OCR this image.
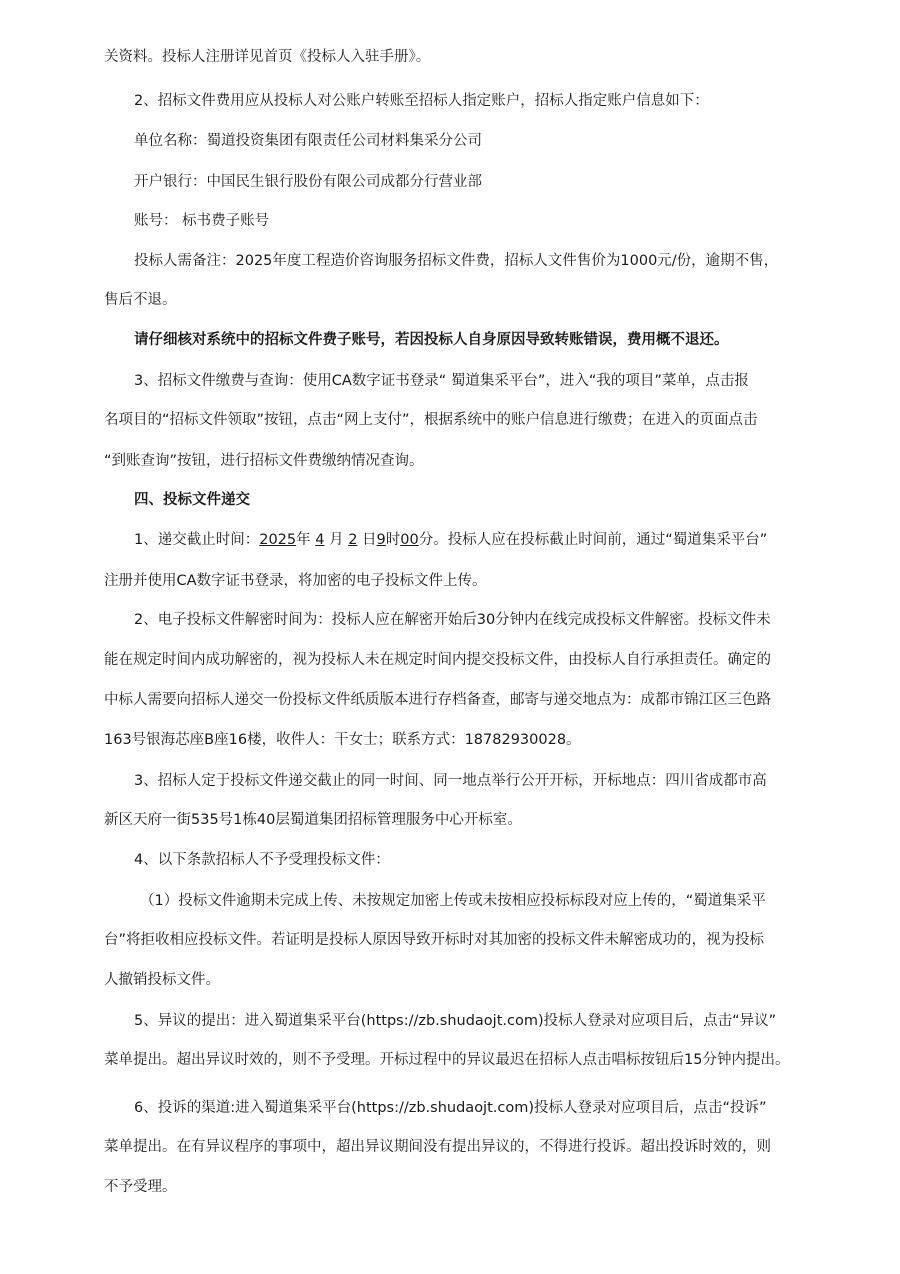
关资料。投标人注册详见首页《投标人入驻手册》。
2、招标文件费用应从投标人对公账户转账至招标人指定账户，招标人指定账户信息如下：
单位名称：蜀道投资集团有限责任公司材料集采分公司
开户银行：中国民生银行股份有限公司成都分行营业部
账号： 标书费子账号
投标人需备注：2025年度工程造价咨询服务招标文件费，招标人文件售价为1000元/份，逾期不售，
售后不退。
请仔细核对系统中的招标文件费子账号，若因投标人自身原因导致转账错误，费用概不退还。
3、招标文件缴费与查询：使用CA数字证书登录“ 蜀道集采平台”，进入“我的项目”菜单，点击报
名项目的“招标文件领取”按钮，点击“网上支付”，根据系统中的账户信息进行缴费；在进入的页面点击
“到账查询”按钮，进行招标文件费缴纳情况查询。
四、投标文件递交
1、递交截止时间：2025年 4 月 2 日9时00分。投标人应在投标截止时间前，通过“蜀道集采平台”
注册并使用CA数字证书登录，将加密的电子投标文件上传。
2、电子投标文件解密时间为：投标人应在解密开始后30分钟内在线完成投标文件解密。投标文件未
能在规定时间内成功解密的，视为投标人未在规定时间内提交投标文件，由投标人自行承担责任。确定的
中标人需要向招标人递交一份投标文件纸质版本进行存档备查，邮寄与递交地点为：成都市锦江区三色路
163号银海芯座B座16楼，收件人：干女士；联系方式：18782930028。
3、招标人定于投标文件递交截止的同一时间、同一地点举行公开开标，开标地点：四川省成都市高
新区天府一街535号1栋40层蜀道集团招标管理服务中心开标室。
4、以下条款招标人不予受理投标文件：
（1）投标文件逾期未完成上传、未按规定加密上传或未按相应投标标段对应上传的，“蜀道集采平
台”将拒收相应投标文件。若证明是投标人原因导致开标时对其加密的投标文件未解密成功的，视为投标
人撤销投标文件。
5、异议的提出：进入蜀道集采平台(https://zb.shudaojt.com)投标人登录对应项目后，点击“异议”
菜单提出。超出异议时效的，则不予受理。开标过程中的异议最迟在招标人点击唱标按钮后15分钟内提出。
6、投诉的渠道:进入蜀道集采平台(https://zb.shudaojt.com)投标人登录对应项目后，点击“投诉”
菜单提出。在有异议程序的事项中，超出异议期间没有提出异议的，不得进行投诉。超出投诉时效的，则
不予受理。
